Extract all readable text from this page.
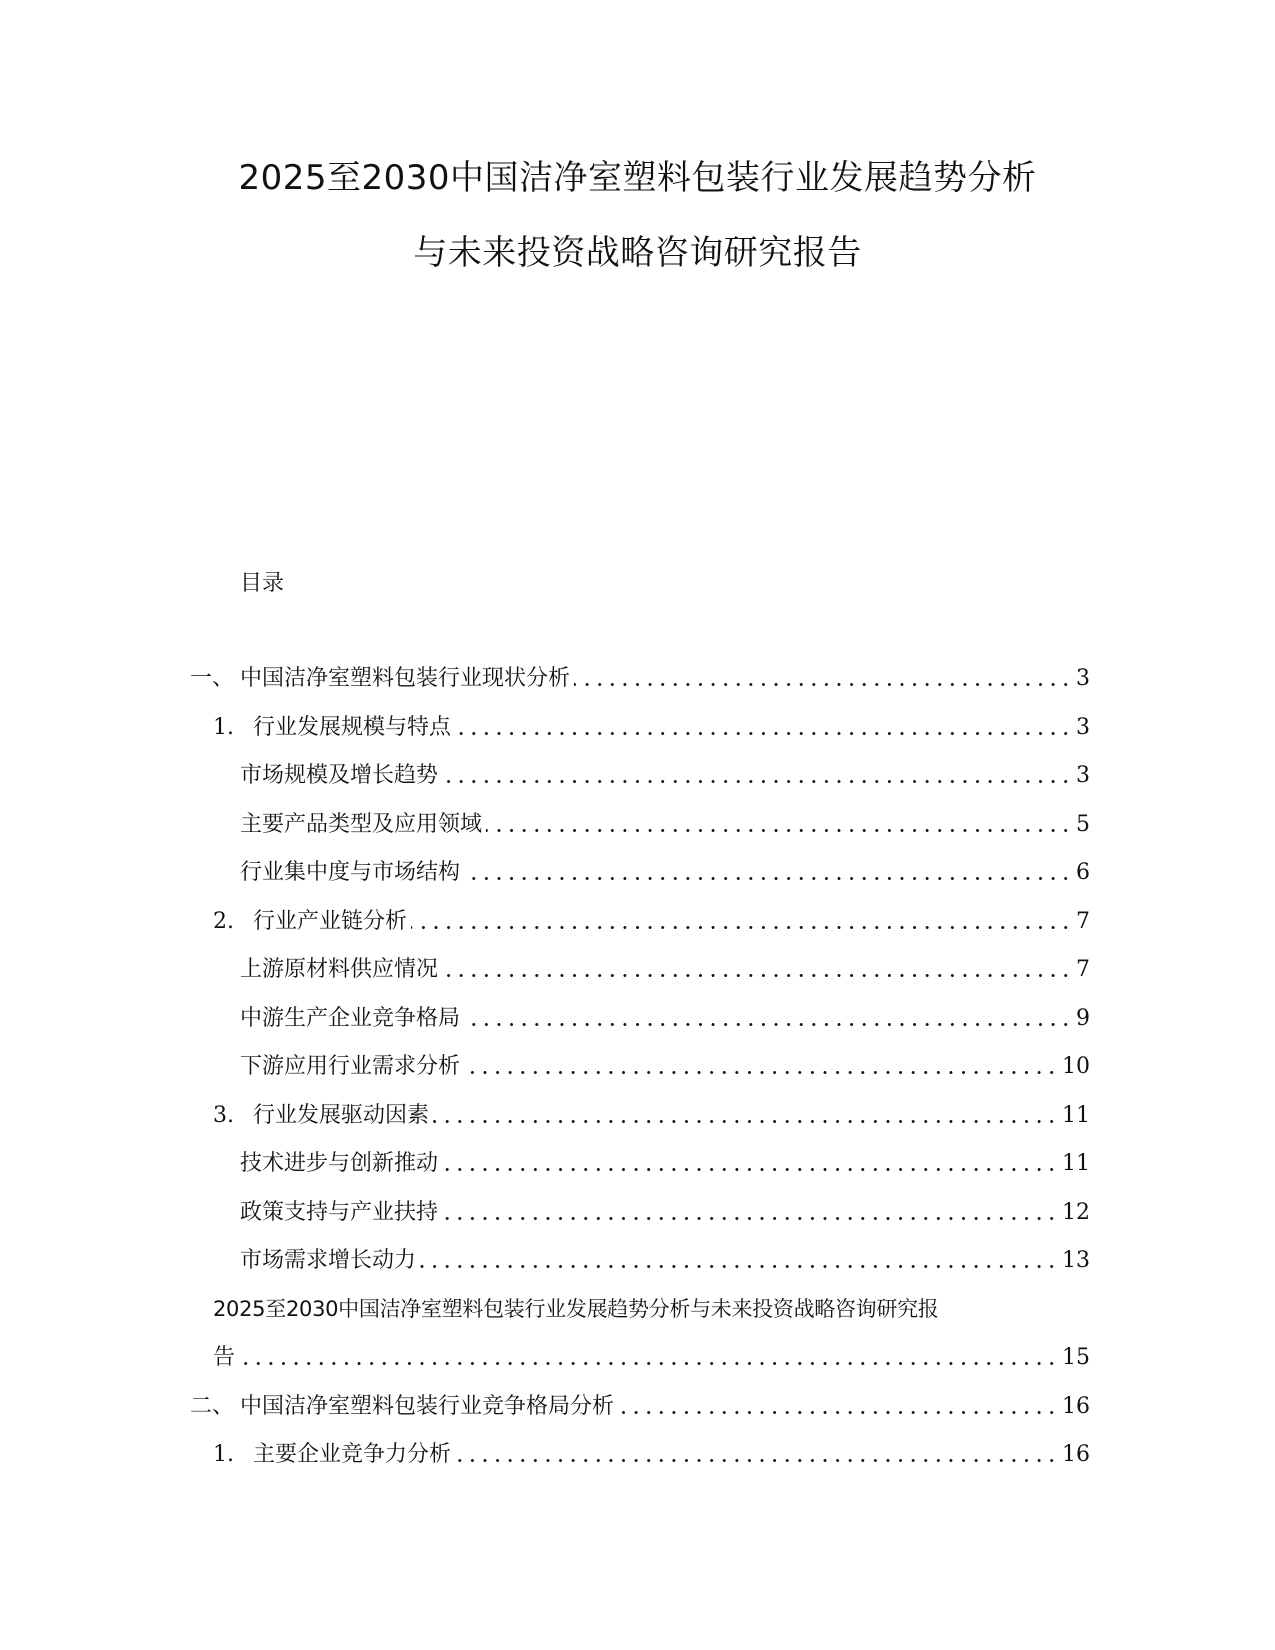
2025至2030中国洁净室塑料包装行业发展趋势分析
与未来投资战略咨询研究报告
目录
一、 中国洁净室塑料包装行业现状分析	3
1. 行业发展规模与特点	3
市场规模及增长趋势	3
主要产品类型及应用领域	5
行业集中度与市场结构	6
2. 行业产业链分析	7
上游原材料供应情况	7
中游生产企业竞争格局	9
下游应用行业需求分析	10
3. 行业发展驱动因素	11
技术进步与创新推动	11
政策支持与产业扶持	12
市场需求增长动力	13
2025至2030中国洁净室塑料包装行业发展趋势分析与未来投资战略咨询研究报
告	15
二、 中国洁净室塑料包装行业竞争格局分析	16
1. 主要企业竞争力分析	16
